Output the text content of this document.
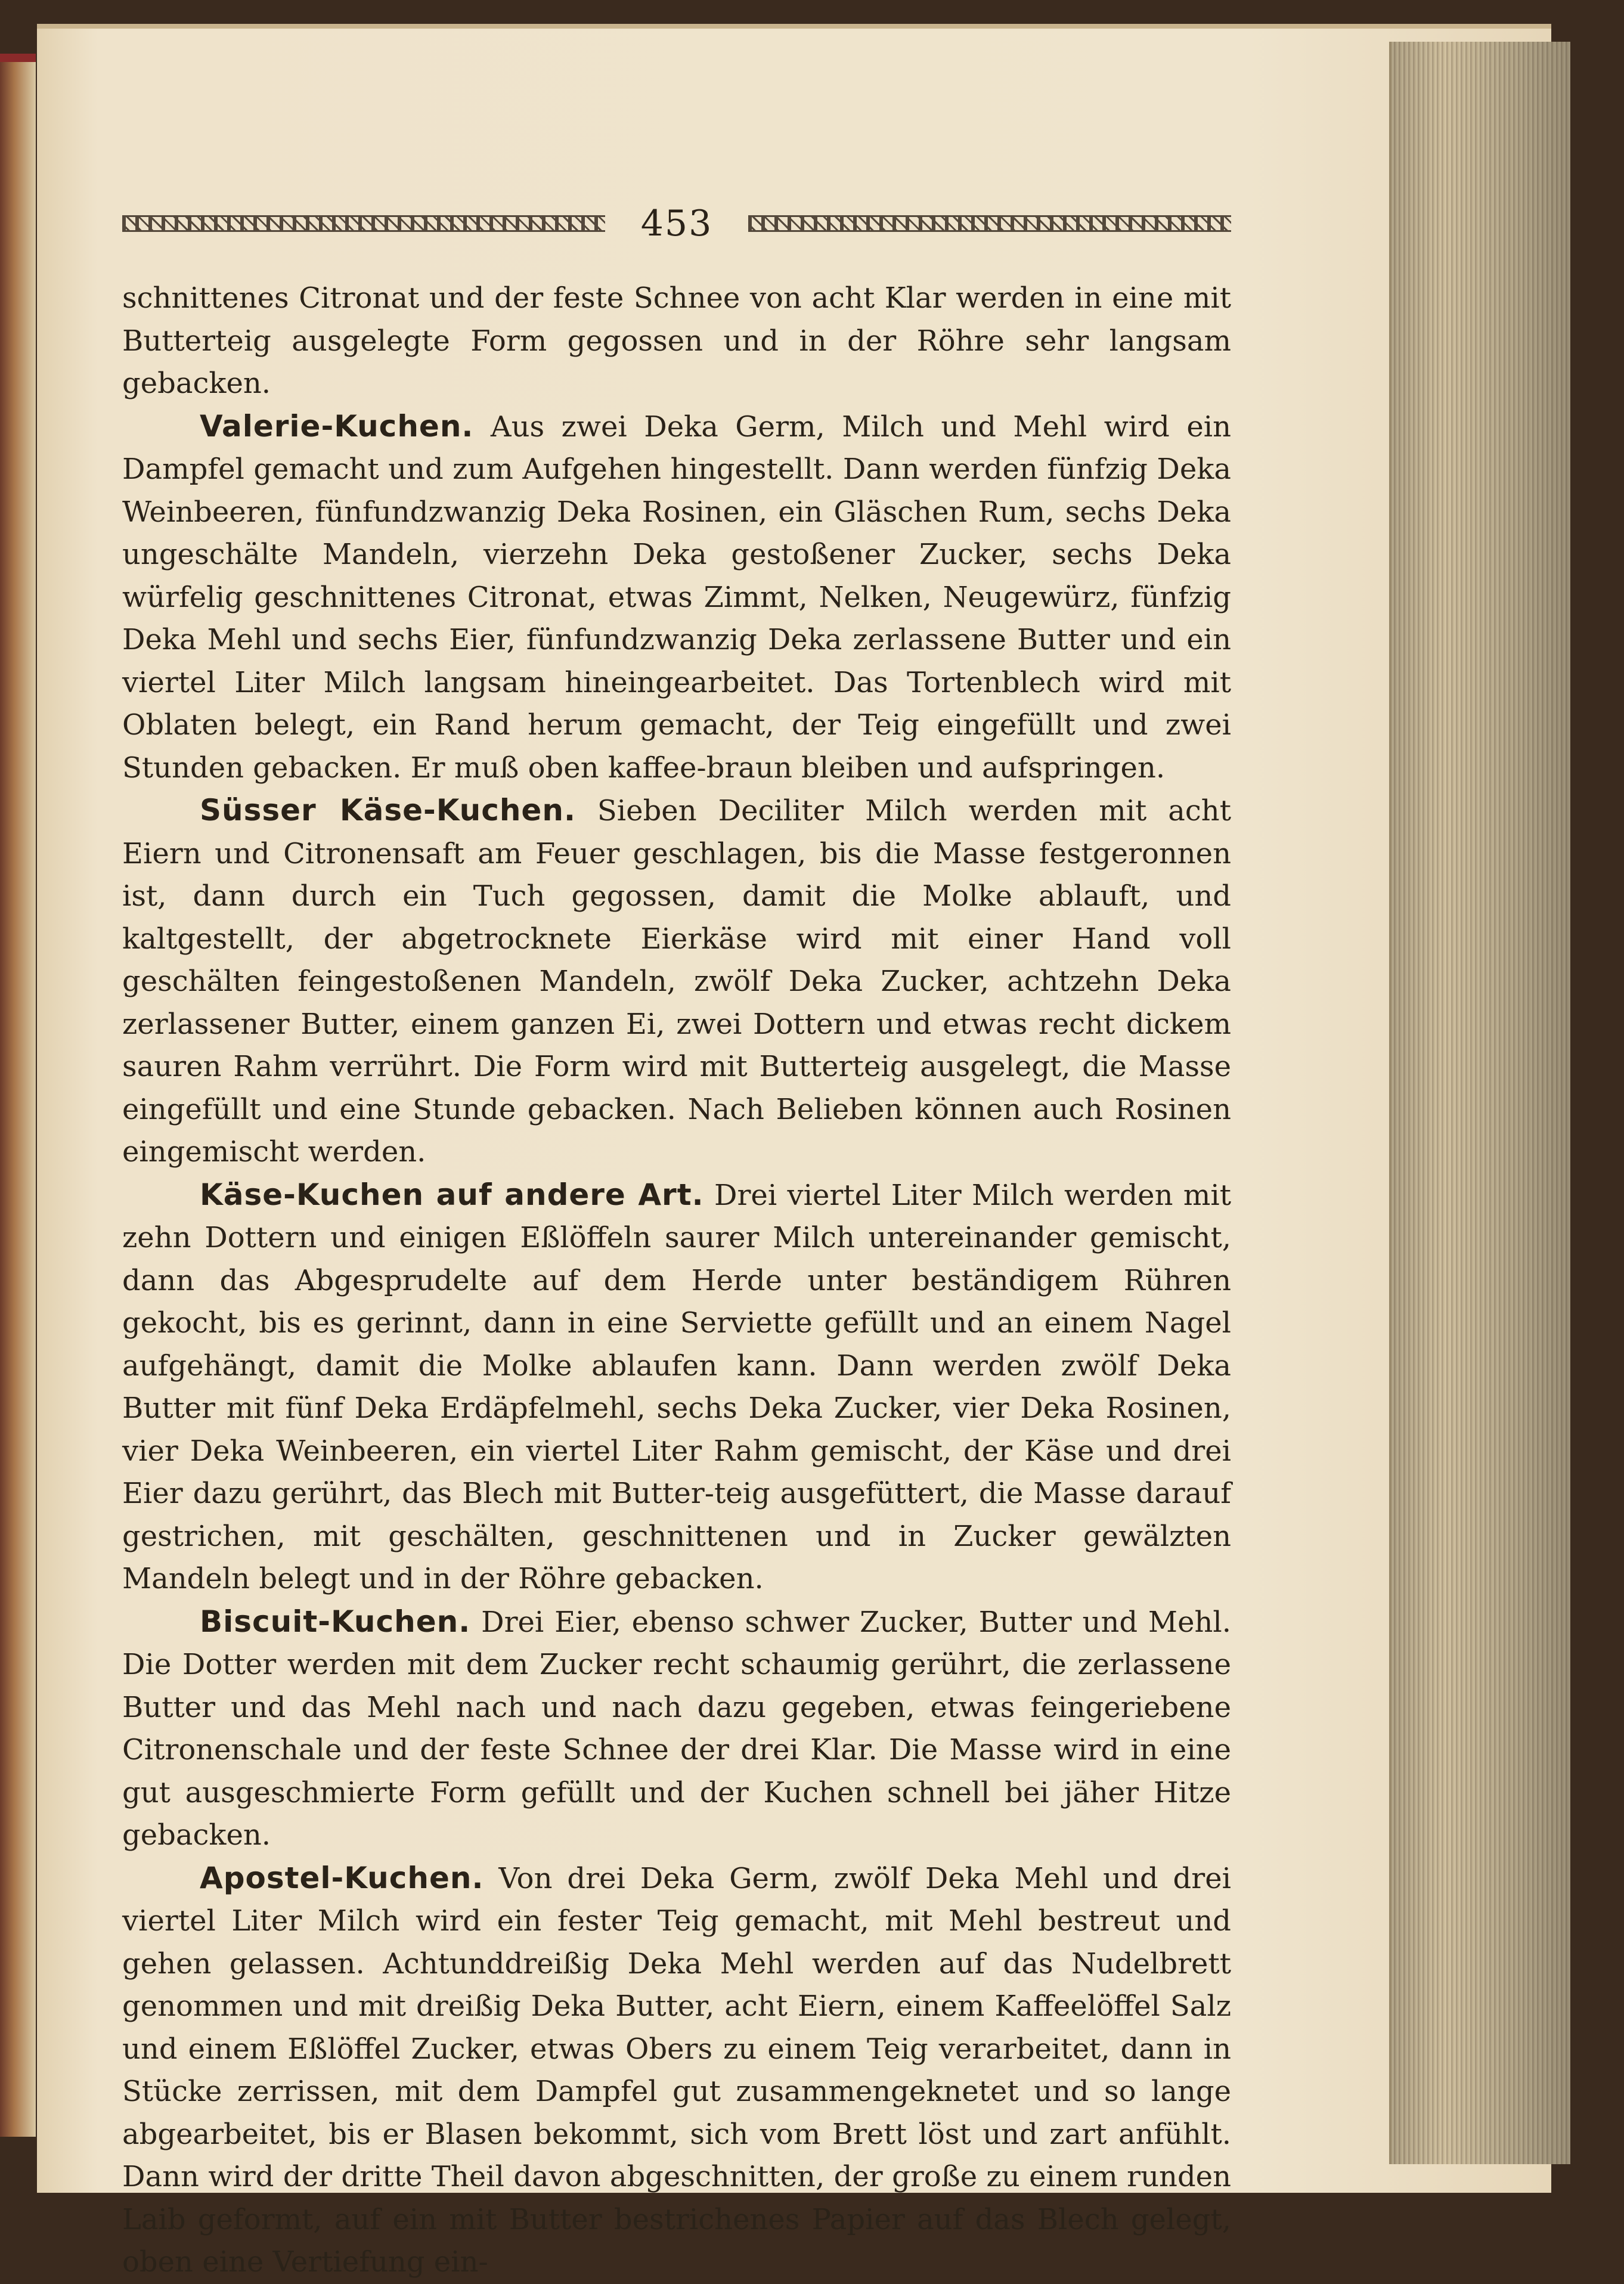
453

schnittenes Citronat und der feste Schnee von acht Klar werden in eine mit Butterteig ausgelegte Form gegossen und in der Röhre sehr langsam gebacken.

Valerie-Kuchen. Aus zwei Deka Germ, Milch und Mehl wird ein Dampfel gemacht und zum Aufgehen hingestellt. Dann werden fünfzig Deka Weinbeeren, fünfundzwanzig Deka Rosinen, ein Gläschen Rum, sechs Deka ungeschälte Mandeln, vierzehn Deka gestoßener Zucker, sechs Deka würfelig geschnittenes Citronat, etwas Zimmt, Nelken, Neugewürz, fünfzig Deka Mehl und sechs Eier, fünfundzwanzig Deka zerlassene Butter und ein viertel Liter Milch langsam hineingearbeitet. Das Tortenblech wird mit Oblaten belegt, ein Rand herum gemacht, der Teig eingefüllt und zwei Stunden gebacken. Er muß oben kaffee-braun bleiben und aufspringen.

Süsser Käse-Kuchen. Sieben Deciliter Milch werden mit acht Eiern und Citronensaft am Feuer geschlagen, bis die Masse festgeronnen ist, dann durch ein Tuch gegossen, damit die Molke ablauft, und kaltgestellt, der abgetrocknete Eierkäse wird mit einer Hand voll geschälten feingestoßenen Mandeln, zwölf Deka Zucker, achtzehn Deka zerlassener Butter, einem ganzen Ei, zwei Dottern und etwas recht dickem sauren Rahm verrührt. Die Form wird mit Butterteig ausgelegt, die Masse eingefüllt und eine Stunde gebacken. Nach Belieben können auch Rosinen eingemischt werden.

Käse-Kuchen auf andere Art. Drei viertel Liter Milch werden mit zehn Dottern und einigen Eßlöffeln saurer Milch untereinander gemischt, dann das Abgesprudelte auf dem Herde unter beständigem Rühren gekocht, bis es gerinnt, dann in eine Serviette gefüllt und an einem Nagel aufgehängt, damit die Molke ablaufen kann. Dann werden zwölf Deka Butter mit fünf Deka Erdäpfelmehl, sechs Deka Zucker, vier Deka Rosinen, vier Deka Weinbeeren, ein viertel Liter Rahm gemischt, der Käse und drei Eier dazu gerührt, das Blech mit Butter-teig ausgefüttert, die Masse darauf gestrichen, mit geschälten, geschnittenen und in Zucker gewälzten Mandeln belegt und in der Röhre gebacken.

Biscuit-Kuchen. Drei Eier, ebenso schwer Zucker, Butter und Mehl. Die Dotter werden mit dem Zucker recht schaumig gerührt, die zerlassene Butter und das Mehl nach und nach dazu gegeben, etwas feingeriebene Citronenschale und der feste Schnee der drei Klar. Die Masse wird in eine gut ausgeschmierte Form gefüllt und der Kuchen schnell bei jäher Hitze gebacken.

Apostel-Kuchen. Von drei Deka Germ, zwölf Deka Mehl und drei viertel Liter Milch wird ein fester Teig gemacht, mit Mehl bestreut und gehen gelassen. Achtunddreißig Deka Mehl werden auf das Nudelbrett genommen und mit dreißig Deka Butter, acht Eiern, einem Kaffeelöffel Salz und einem Eßlöffel Zucker, etwas Obers zu einem Teig verarbeitet, dann in Stücke zerrissen, mit dem Dampfel gut zusammengeknetet und so lange abgearbeitet, bis er Blasen bekommt, sich vom Brett löst und zart anfühlt. Dann wird der dritte Theil davon abgeschnitten, der große zu einem runden Laib geformt, auf ein mit Butter bestrichenes Papier auf das Blech gelegt, oben eine Vertiefung ein-
